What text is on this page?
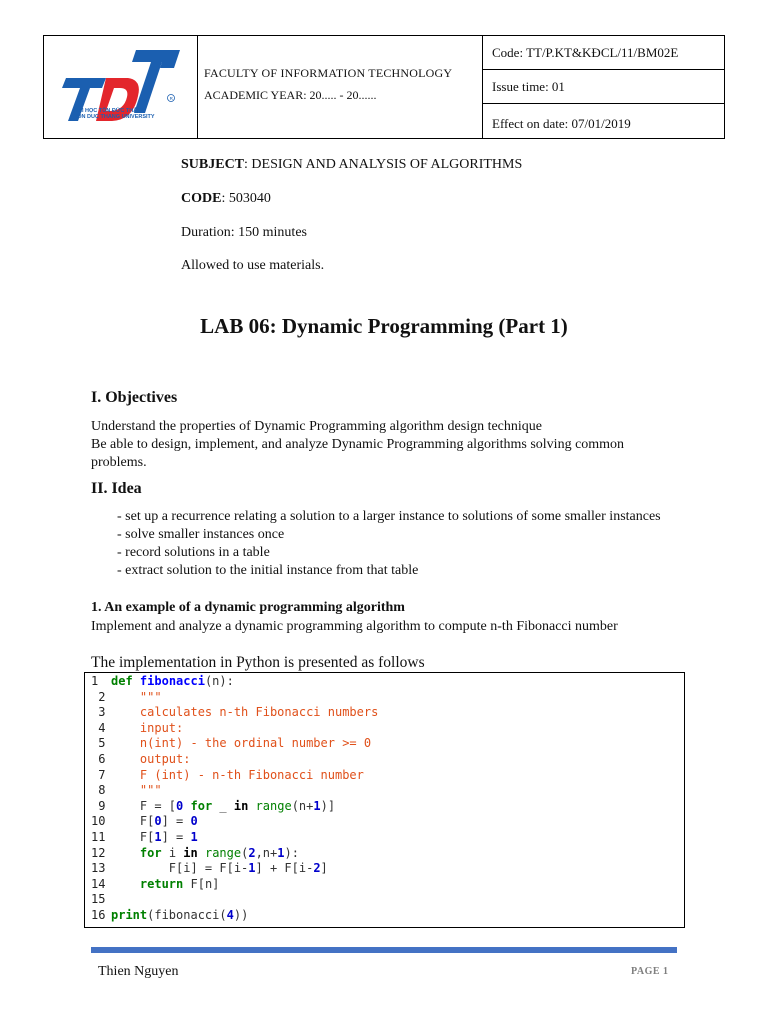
R
ĐẠI HỌC TÔN ĐỨC THẮNG
TON DUC THANG UNIVERSITY
FACULTY OF INFORMATION TECHNOLOGY
ACADEMIC YEAR: 20..... - 20......
Code: TT/P.KT&KĐCL/11/BM02E
Issue time: 01
Effect on date: 07/01/2019
SUBJECT: DESIGN AND ANALYSIS OF ALGORITHMS
CODE: 503040
Duration: 150 minutes
Allowed to use materials.
LAB 06: Dynamic Programming (Part 1)
I. Objectives
Understand the properties of Dynamic Programming algorithm design technique
Be able to design, implement, and analyze Dynamic Programming algorithms solving common problems.
II. Idea
- set up a recurrence relating a solution to a larger instance to solutions of some smaller instances
- solve smaller instances once
- record solutions in a table
- extract solution to the initial instance from that table
1. An example of a dynamic programming algorithm
Implement and analyze a dynamic programming algorithm to compute n-th Fibonacci number
The implementation in Python is presented as follows
1 def fibonacci(n):
2	"""
3	calculates n-th Fibonacci numbers
4	input:
5	n(int) - the ordinal number >= 0
6	output:
7	F (int) - n-th Fibonacci number
8	"""
9	F = [0 for _ in range(n+1)]
10	F[0] = 0
11	F[1] = 1
12	for i in range(2,n+1):
13	F[i] = F[i-1] + F[i-2]
14	return F[n]
15
16 print(fibonacci(4))
Thien Nguyen	PAGE 1
